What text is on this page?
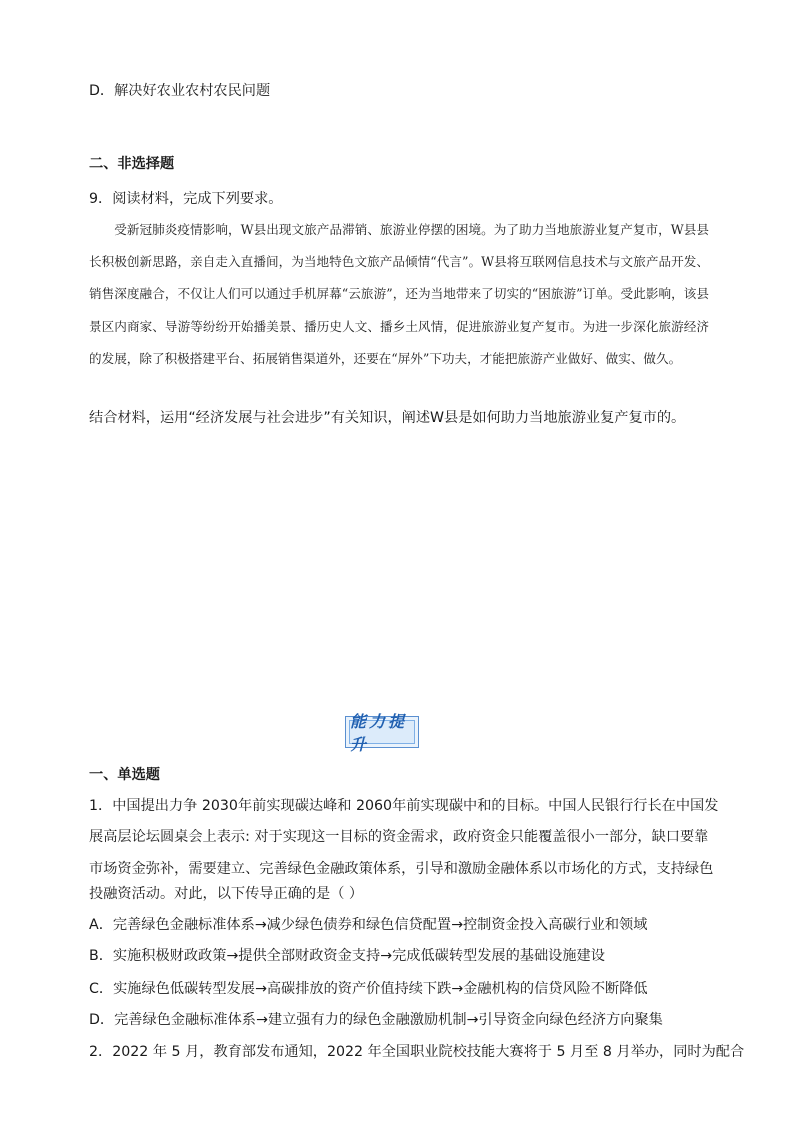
D．解决好农业农村农民问题
二、非选择题
9．阅读材料，完成下列要求。
受新冠肺炎疫情影响，W县出现文旅产品滞销、旅游业停摆的困境。为了助力当地旅游业复产复市，W县县长积极创新思路，亲自走入直播间，为当地特色文旅产品倾情“代言”。W县将互联网信息技术与文旅产品开发、销售深度融合，不仅让人们可以通过手机屏幕“云旅游”，还为当地带来了切实的“困旅游”订单。受此影响，该县景区内商家、导游等纷纷开始播美景、播历史人文、播乡土风情，促进旅游业复产复市。为进一步深化旅游经济的发展，除了积极搭建平台、拓展销售渠道外，还要在“屏外”下功夫，才能把旅游产业做好、做实、做久。
结合材料，运用“经济发展与社会进步”有关知识，阐述W县是如何助力当地旅游业复产复市的。
能力提升
一、单选题
1．中国提出力争 2030年前实现碳达峰和 2060年前实现碳中和的目标。中国人民银行行长在中国发
展高层论坛圆桌会上表示: 对于实现这一目标的资金需求，政府资金只能覆盖很小一部分，缺口要靠
市场资金弥补，需要建立、完善绿色金融政策体系，引导和激励金融体系以市场化的方式，支持绿色
投融资活动。对此，以下传导正确的是（ ）
A．完善绿色金融标准体系→减少绿色债券和绿色信贷配置→控制资金投入高碳行业和领域
B．实施积极财政政策→提供全部财政资金支持→完成低碳转型发展的基础设施建设
C．实施绿色低碳转型发展→高碳排放的资产价值持续下跌→金融机构的信贷风险不断降低
D．完善绿色金融标准体系→建立强有力的绿色金融激励机制→引导资金向绿色经济方向聚集
2．2022 年 5 月，教育部发布通知，2022 年全国职业院校技能大赛将于 5 月至 8 月举办，同时为配合
